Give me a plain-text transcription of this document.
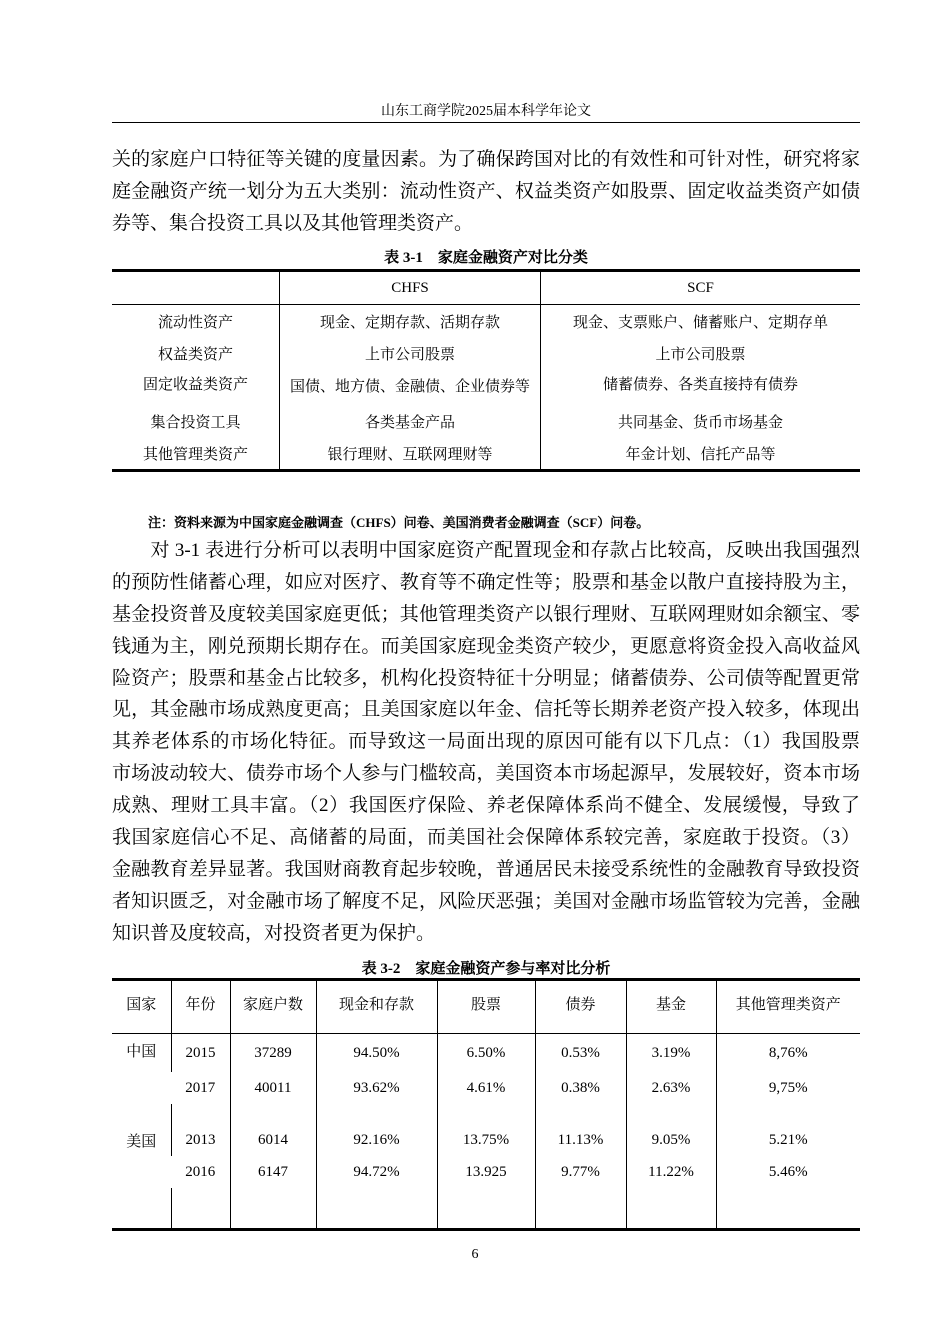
山东工商学院2025届本科学年论文
关的家庭户口特征等关键的度量因素。为了确保跨国对比的有效性和可针对性，研究将家
庭金融资产统一划分为五大类别：流动性资产、权益类资产如股票、固定收益类资产如债
券等、集合投资工具以及其他管理类资产。
表 3-1　家庭金融资产对比分类
	CHFS	SCF
流动性资产	现金、定期存款、活期存款	现金、支票账户、储蓄账户、定期存单
权益类资产	上市公司股票	上市公司股票
固定收益类资产	国债、地方债、金融债、企业债券等	储蓄债券、各类直接持有债券
集合投资工具	各类基金产品	共同基金、货币市场基金
其他管理类资产	银行理财、互联网理财等	年金计划、信托产品等
注：资料来源为中国家庭金融调查（CHFS）问卷、美国消费者金融调查（SCF）问卷。
　　对 3-1 表进行分析可以表明中国家庭资产配置现金和存款占比较高，反映出我国强烈
的预防性储蓄心理，如应对医疗、教育等不确定性等；股票和基金以散户直接持股为主，
基金投资普及度较美国家庭更低；其他管理类资产以银行理财、互联网理财如余额宝、零
钱通为主，刚兑预期长期存在。而美国家庭现金类资产较少，更愿意将资金投入高收益风
险资产；股票和基金占比较多，机构化投资特征十分明显；储蓄债券、公司债等配置更常
见，其金融市场成熟度更高；且美国家庭以年金、信托等长期养老资产投入较多，体现出
其养老体系的市场化特征。而导致这一局面出现的原因可能有以下几点：（1）我国股票
市场波动较大、债券市场个人参与门槛较高，美国资本市场起源早，发展较好，资本市场
成熟、理财工具丰富。（2）我国医疗保险、养老保障体系尚不健全、发展缓慢，导致了
我国家庭信心不足、高储蓄的局面，而美国社会保障体系较完善，家庭敢于投资。（3）
金融教育差异显著。我国财商教育起步较晚，普通居民未接受系统性的金融教育导致投资
者知识匮乏，对金融市场了解度不足，风险厌恶强；美国对金融市场监管较为完善，金融
知识普及度较高，对投资者更为保护。
表 3-2　家庭金融资产参与率对比分析
国家	年份	家庭户数	现金和存款	股票	债券	基金	其他管理类资产
中国	2015	37289	94.50%	6.50%	0.53%	3.19%	8,76%
	2017	40011	93.62%	4.61%	0.38%	2.63%	9,75%

美国	2013	6014	92.16%	13.75%	11.13%	9.05%	5.21%
	2016	6147	94.72%	13.925	9.77%	11.22%	5.46%

6
